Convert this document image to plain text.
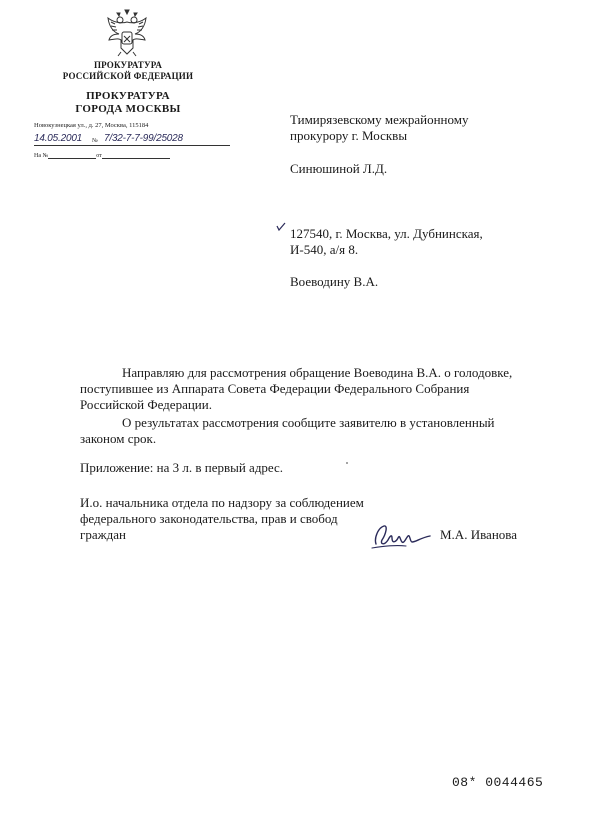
ПРОКУРАТУРА
РОССИЙСКОЙ ФЕДЕРАЦИИ
ПРОКУРАТУРА
ГОРОДА МОСКВЫ
Новокузнецкая ул., д. 27, Москва, 115184
14.05.2001 № 7/32-7-7-99/25028
На №	от
Тимирязевскому межрайонному
прокурору г. Москвы
Синюшиной Л.Д.
127540, г. Москва, ул. Дубнинская,
И-540, а/я 8.
Воеводину В.А.
Направляю для рассмотрения обращение Воеводина В.А. о голодовке,
поступившее из Аппарата Совета Федерации Федерального Собрания
Российской Федерации.
О результатах рассмотрения сообщите заявителю в установленный
законом срок.
Приложение: на 3 л. в первый адрес.
И.о. начальника отдела по надзору за соблюдением
федерального законодательства, прав и свобод
граждан	М.А. Иванова
08* 0044465
